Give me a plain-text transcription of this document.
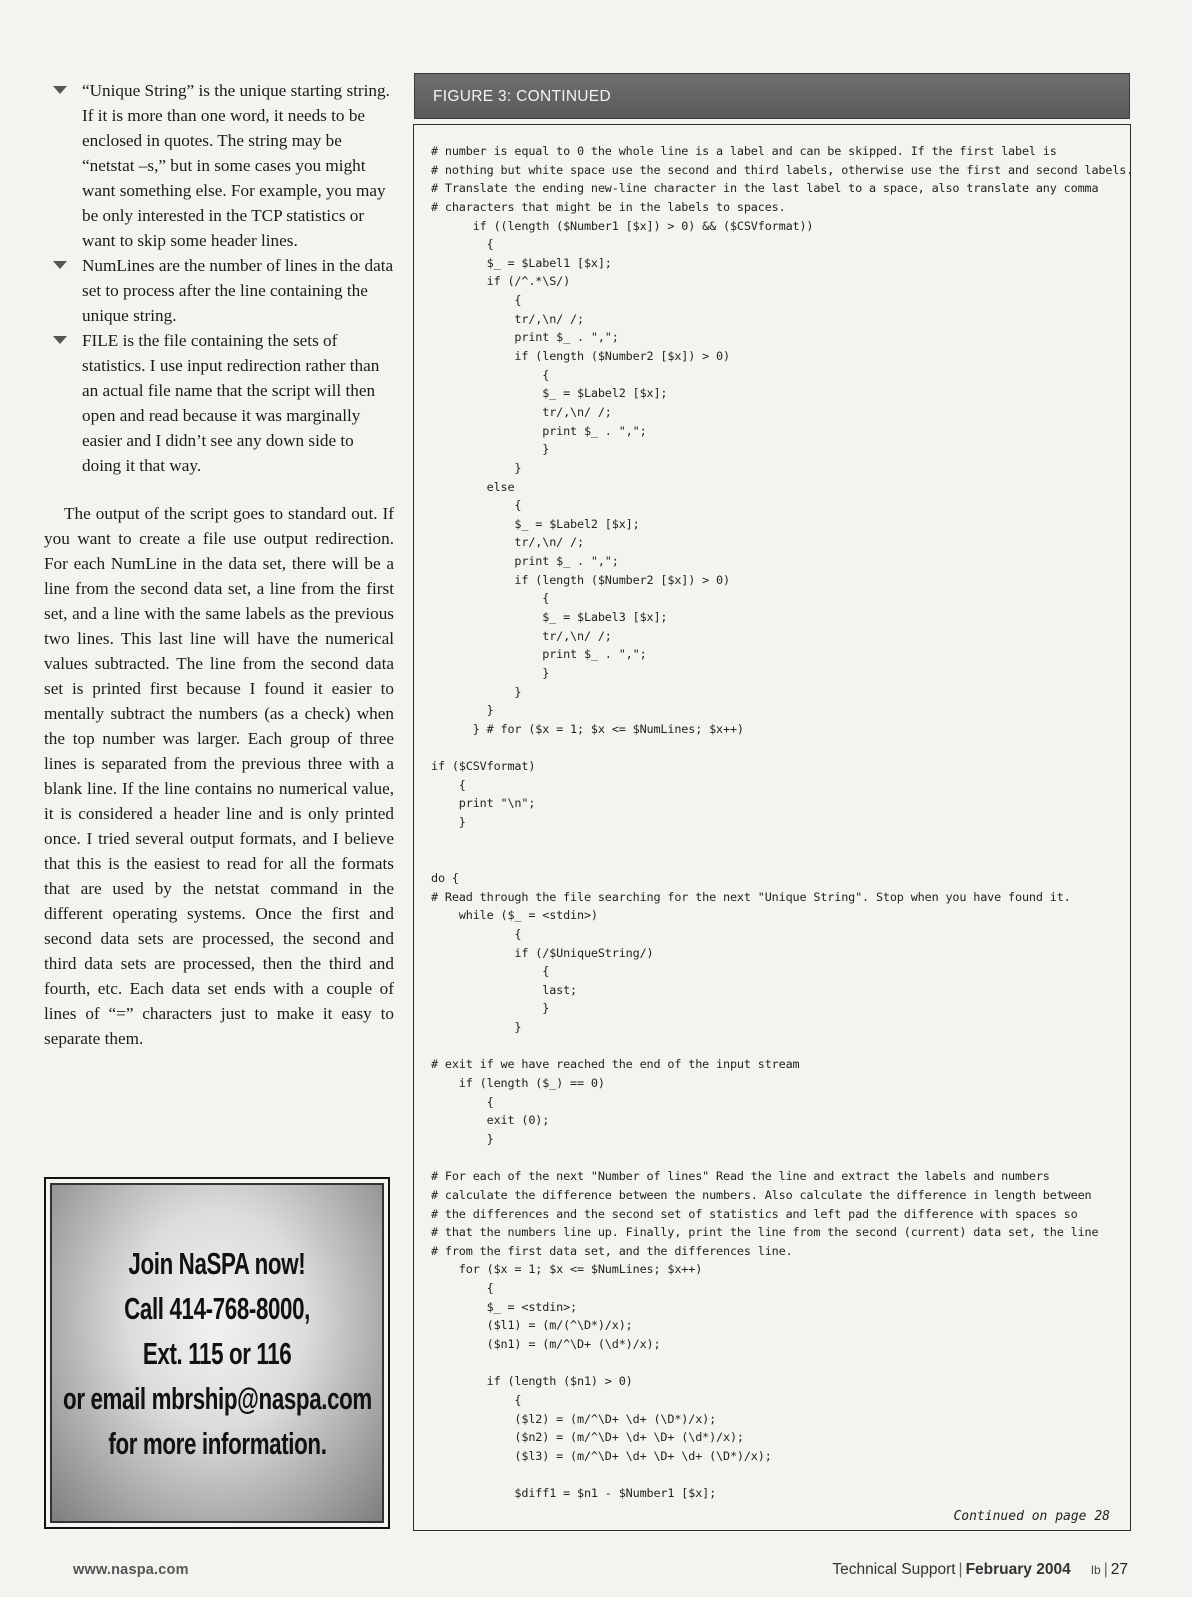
“Unique String” is the unique starting string. If it is more than one word, it needs to be enclosed in quotes. The string may be “netstat –s,” but in some cases you might want something else. For example, you may be only interested in the TCP statistics or want to skip some header lines.
NumLines are the number of lines in the data set to process after the line containing the unique string.
FILE is the file containing the sets of statistics. I use input redirection rather than an actual file name that the script will then open and read because it was marginally easier and I didn’t see any down side to doing it that way.

The output of the script goes to standard out. If you want to create a file use output redirection. For each NumLine in the data set, there will be a line from the second data set, a line from the first set, and a line with the same labels as the previous two lines. This last line will have the numerical values subtracted. The line from the second data set is printed first because I found it easier to mentally subtract the numbers (as a check) when the top number was larger. Each group of three lines is separated from the previous three with a blank line. If the line contains no numerical value, it is considered a header line and is only printed once. I tried several output formats, and I believe that this is the easiest to read for all the formats that are used by the netstat command in the different operating systems. Once the first and second data sets are processed, the second and third data sets are processed, then the third and fourth, etc. Each data set ends with a couple of lines of “=” characters just to make it easy to separate them.

Join NaSPA now!
Call 414-768-8000,
Ext. 115 or 116
or email mbrship@naspa.com
for more information.
FIGURE 3: CONTINUED
# number is equal to 0 the whole line is a label and can be skipped. If the first label is
# nothing but white space use the second and third labels, otherwise use the first and second labels.
# Translate the ending new-line character in the last label to a space, also translate any comma
# characters that might be in the labels to spaces.
if ((length ($Number1 [$x]) > 0) && ($CSVformat))
{
$_ = $Label1 [$x];
if (/^.*\S/)
{
tr/,\n/ /;
print $_ . ",";
if (length ($Number2 [$x]) > 0)
{
$_ = $Label2 [$x];
tr/,\n/ /;
print $_ . ",";
}
}
else
{
$_ = $Label2 [$x];
tr/,\n/ /;
print $_ . ",";
if (length ($Number2 [$x]) > 0)
{
$_ = $Label3 [$x];
tr/,\n/ /;
print $_ . ",";
}
}
}
} # for ($x = 1; $x <= $NumLines; $x++)
if ($CSVformat)
{
print "\n";
}
do {
# Read through the file searching for the next "Unique String". Stop when you have found it.
while ($_ = <stdin>)
{
if (/$UniqueString/)
{
last;
}
}
# exit if we have reached the end of the input stream
if (length ($_) == 0)
{
exit (0);
}
# For each of the next "Number of lines" Read the line and extract the labels and numbers
# calculate the difference between the numbers. Also calculate the difference in length between
# the differences and the second set of statistics and left pad the difference with spaces so
# that the numbers line up. Finally, print the line from the second (current) data set, the line
# from the first data set, and the differences line.
for ($x = 1; $x <= $NumLines; $x++)
{
$_ = <stdin>;
($l1) = (m/(^\D*)/x);
($n1) = (m/^\D+ (\d*)/x);
if (length ($n1) > 0)
{
($l2) = (m/^\D+ \d+ (\D*)/x);
($n2) = (m/^\D+ \d+ \D+ (\d*)/x);
($l3) = (m/^\D+ \d+ \D+ \d+ (\D*)/x);
$diff1 = $n1 - $Number1 [$x];
Continued on page 28
www.naspa.com	Technical Support | February 2004 Ib | 27
